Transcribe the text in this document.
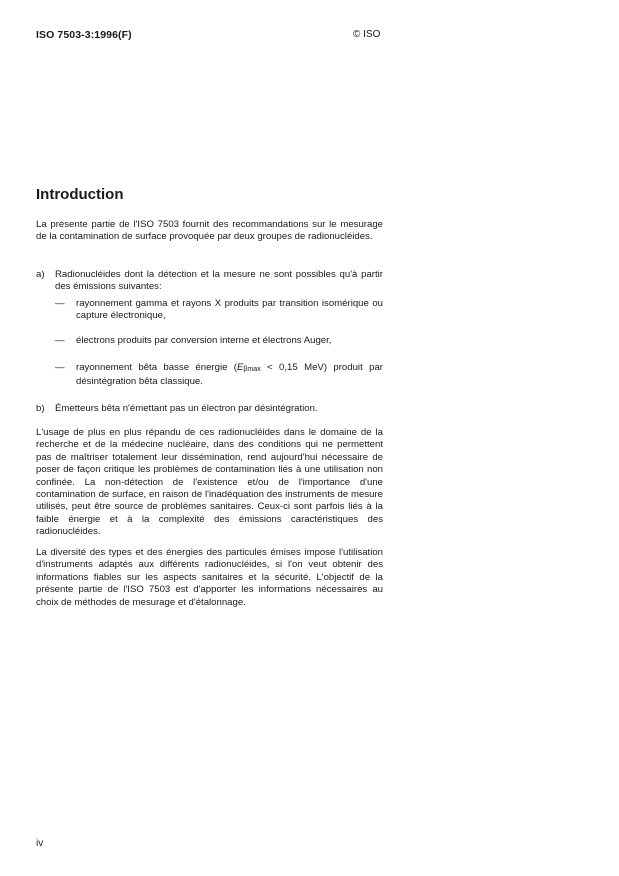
ISO 7503-3:1996(F)	© ISO
Introduction

La présente partie de l'ISO 7503 fournit des recommandations sur le mesurage de la contamination de surface provoquée par deux groupes de radionucléides.

a) Radionucléides dont la détection et la mesure ne sont possibles qu'à partir des émissions suivantes:
— rayonnement gamma et rayons X produits par transition isomérique ou capture électronique,
— électrons produits par conversion interne et électrons Auger,
— rayonnement bêta basse énergie (Eβmax < 0,15 MeV) produit par désintégration bêta classique.
b) Émetteurs bêta n'émettant pas un électron par désintégration.

L'usage de plus en plus répandu de ces radionucléides dans le domaine de la recherche et de la médecine nucléaire, dans des conditions qui ne permettent pas de maîtriser totalement leur dissémination, rend aujourd'hui nécessaire de poser de façon critique les problèmes de contamination liés à une utilisation non confinée. La non-détection de l'existence et/ou de l'importance d'une contamination de surface, en raison de l'inadéquation des instruments de mesure utilisés, peut être source de problèmes sanitaires. Ceux-ci sont parfois liés à la faible énergie et à la complexité des émissions caractéristiques des radionucléides.

La diversité des types et des énergies des particules émises impose l'utilisation d'instruments adaptés aux différents radionucléides, si l'on veut obtenir des informations fiables sur les aspects sanitaires et la sécurité. L'objectif de la présente partie de l'ISO 7503 est d'apporter les informations nécessaires au choix de méthodes de mesurage et d'étalonnage.

iv
